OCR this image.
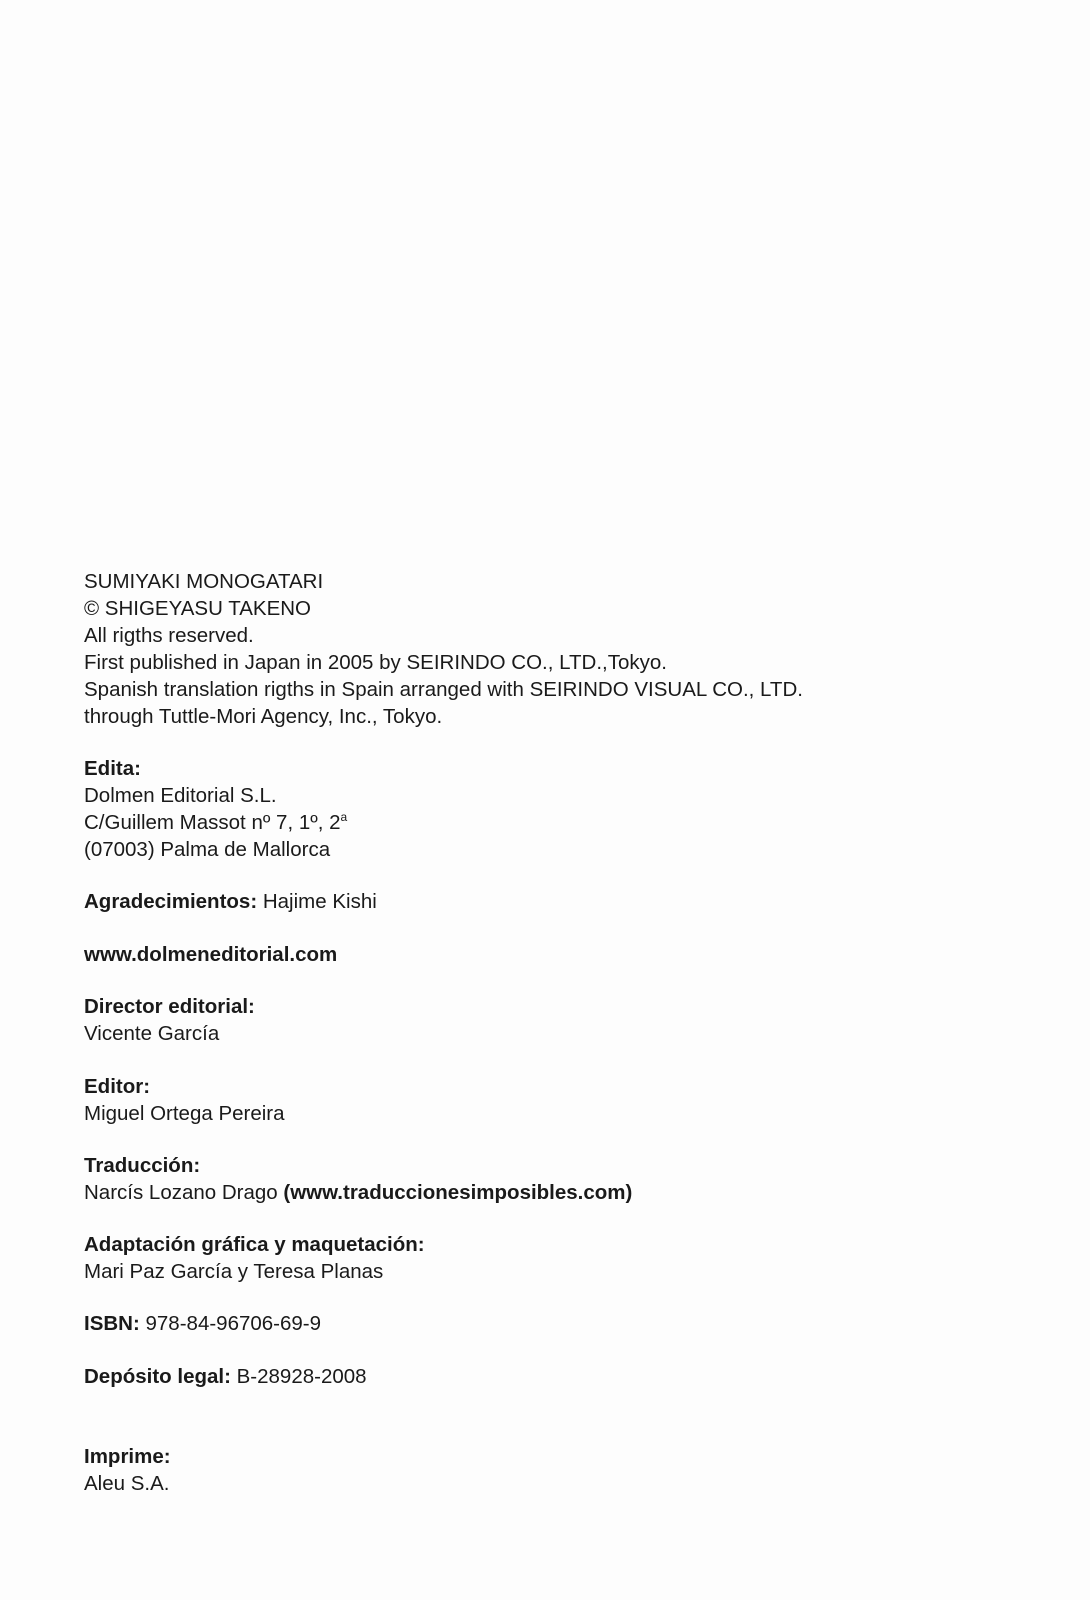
SUMIYAKI MONOGATARI
© SHIGEYASU TAKENO
All rigths reserved.
First published in Japan in 2005 by SEIRINDO CO., LTD.,Tokyo.
Spanish translation rigths in Spain arranged with SEIRINDO VISUAL CO., LTD.
through Tuttle-Mori Agency, Inc., Tokyo.
Edita:
Dolmen Editorial S.L.
C/Guillem Massot nº 7, 1º, 2$^a$
(07003) Palma de Mallorca
Agradecimientos: Hajime Kishi
www.dolmeneditorial.com
Director editorial:
Vicente García
Editor:
Miguel Ortega Pereira
Traducción:
Narcís Lozano Drago (www.traduccionesimposibles.com)
Adaptación gráfica y maquetación:
Mari Paz García y Teresa Planas
ISBN: 978-84-96706-69-9
Depósito legal: B-28928-2008
Imprime:
Aleu S.A.
